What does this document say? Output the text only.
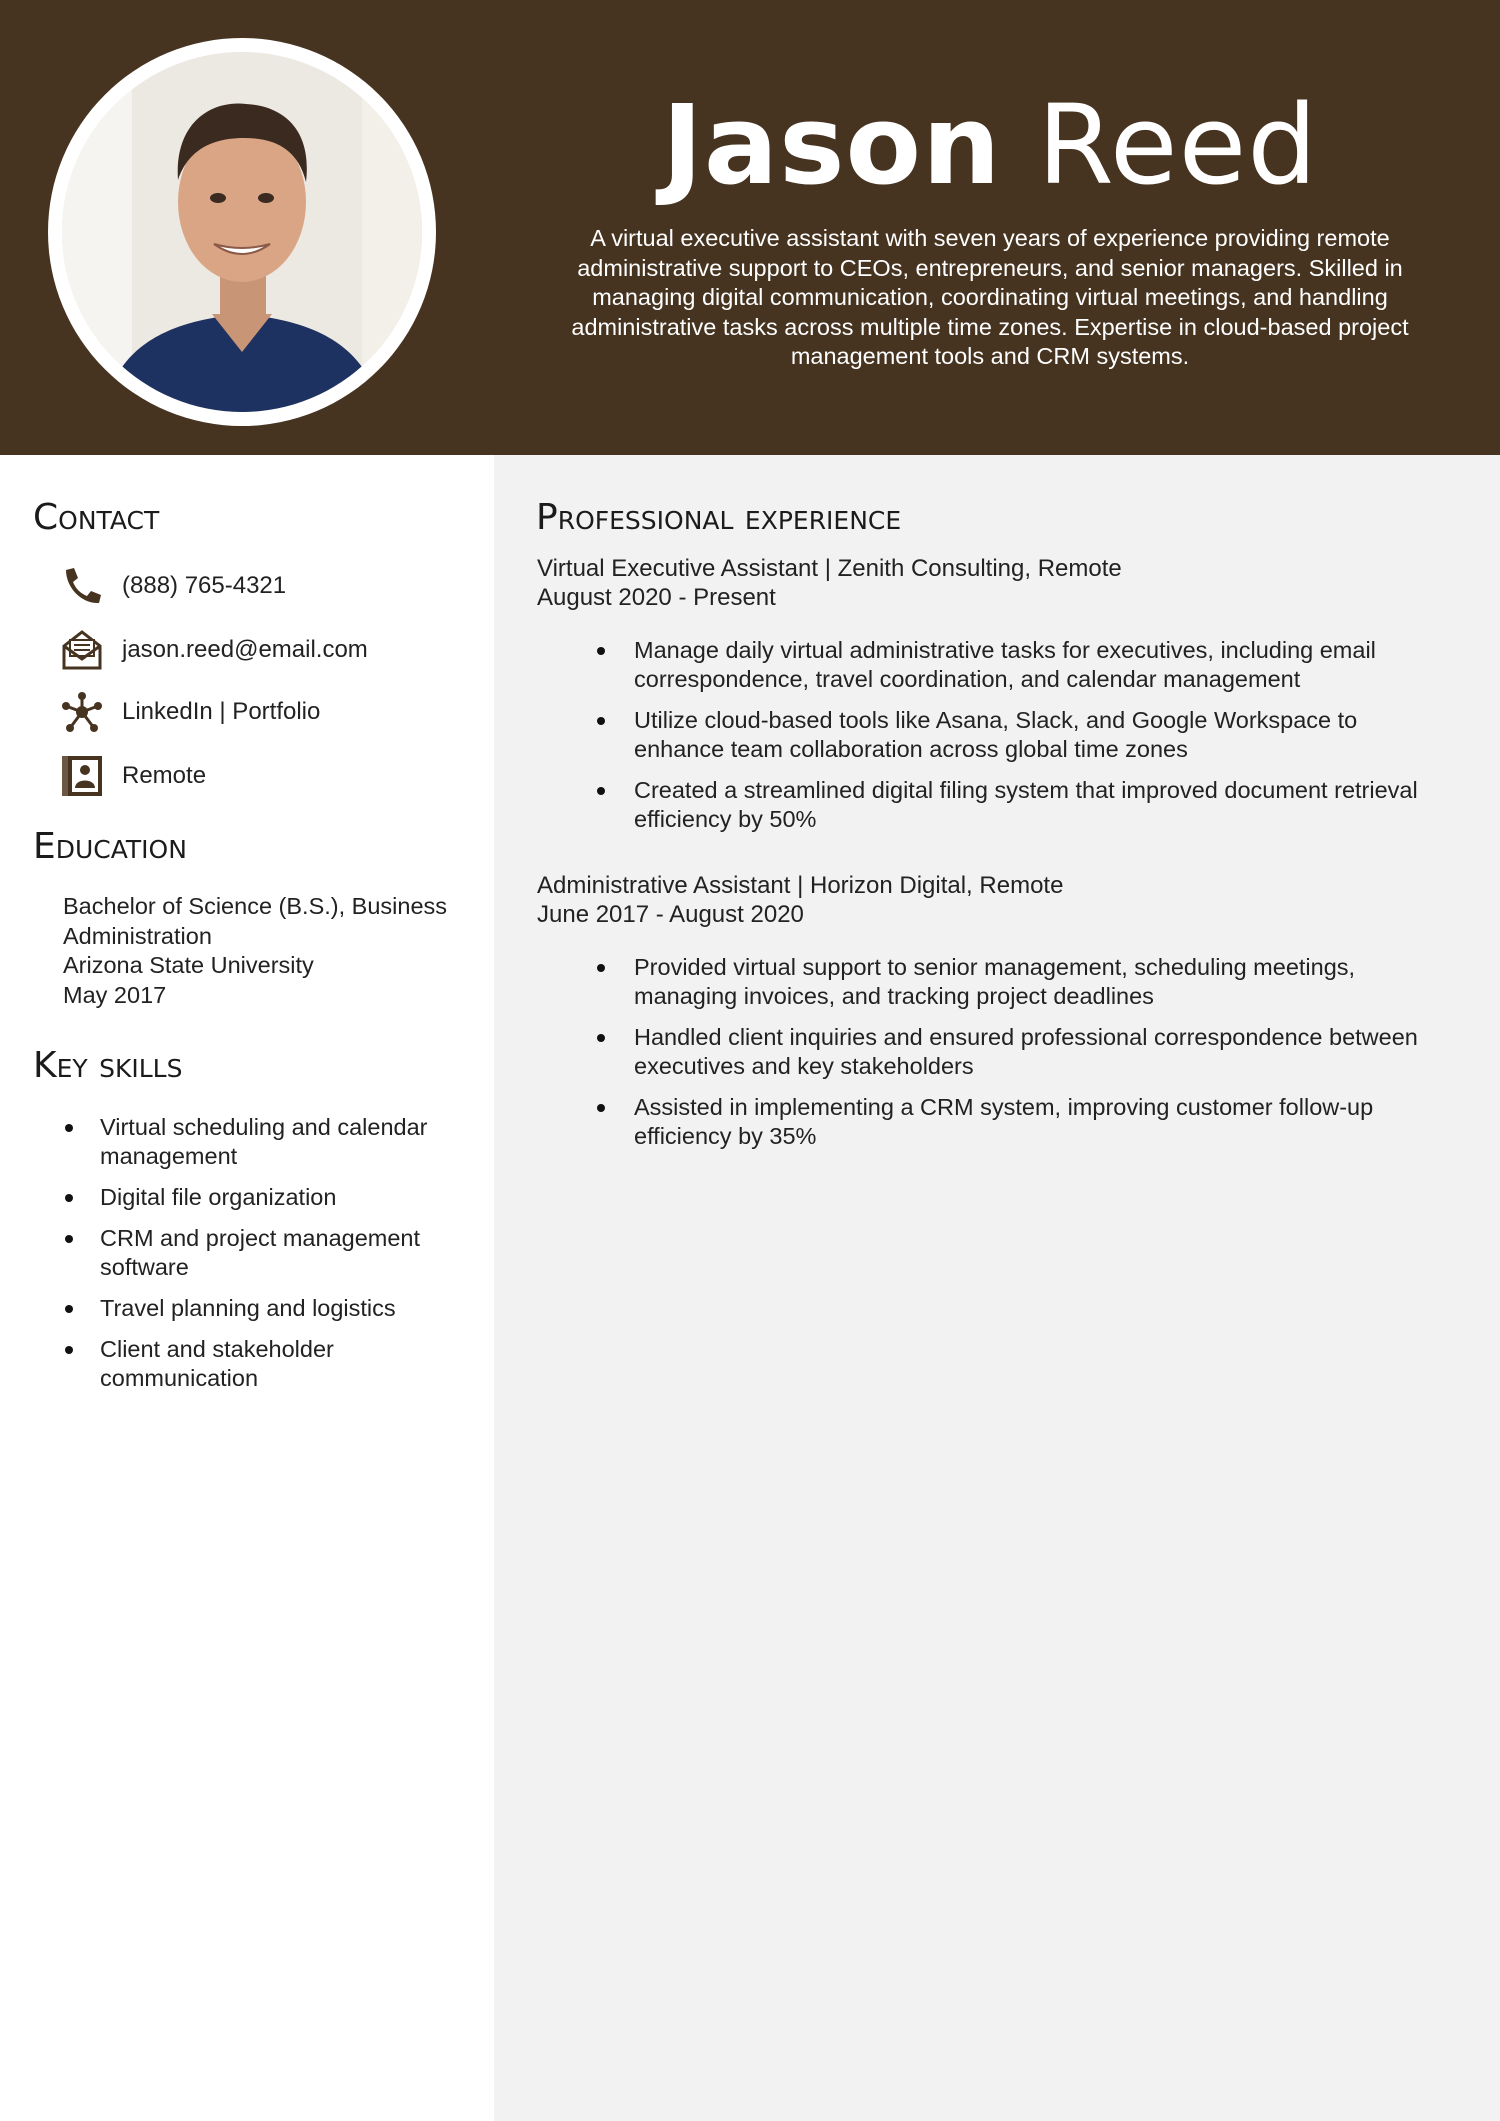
Jason Reed
A virtual executive assistant with seven years of experience providing remote administrative support to CEOs, entrepreneurs, and senior managers. Skilled in managing digital communication, coordinating virtual meetings, and handling administrative tasks across multiple time zones. Expertise in cloud-based project management tools and CRM systems.
Contact
(888) 765-4321
jason.reed@email.com
LinkedIn | Portfolio
Remote
Education
Bachelor of Science (B.S.), Business
Administration
Arizona State University
May 2017
Key skills
Virtual scheduling and calendar management
Digital file organization
CRM and project management software
Travel planning and logistics
Client and stakeholder communication
Professional experience
Virtual Executive Assistant | Zenith Consulting, Remote
August 2020 - Present
Manage daily virtual administrative tasks for executives, including email correspondence, travel coordination, and calendar management
Utilize cloud-based tools like Asana, Slack, and Google Workspace to enhance team collaboration across global time zones
Created a streamlined digital filing system that improved document retrieval efficiency by 50%
Administrative Assistant | Horizon Digital, Remote
June 2017 - August 2020
Provided virtual support to senior management, scheduling meetings, managing invoices, and tracking project deadlines
Handled client inquiries and ensured professional correspondence between executives and key stakeholders
Assisted in implementing a CRM system, improving customer follow-up efficiency by 35%
